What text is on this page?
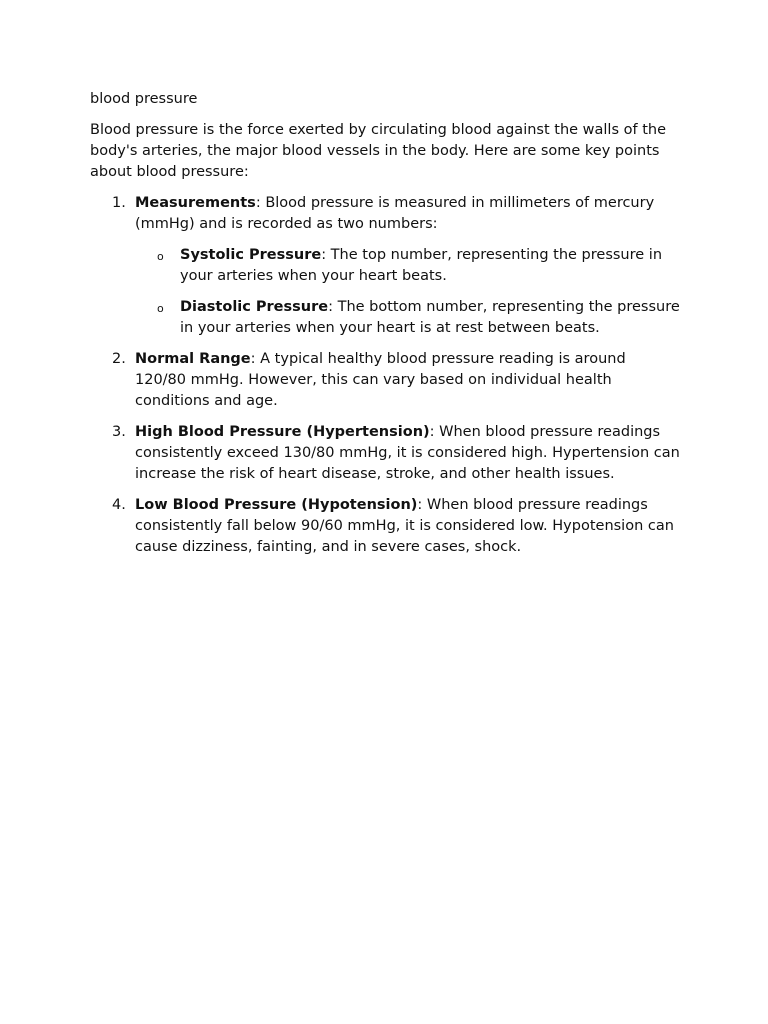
blood pressure

Blood pressure is the force exerted by circulating blood against the walls of the body's arteries, the major blood vessels in the body. Here are some key points about blood pressure:

1. Measurements: Blood pressure is measured in millimeters of mercury (mmHg) and is recorded as two numbers:
o Systolic Pressure: The top number, representing the pressure in your arteries when your heart beats.
o Diastolic Pressure: The bottom number, representing the pressure in your arteries when your heart is at rest between beats.
2. Normal Range: A typical healthy blood pressure reading is around 120/80 mmHg. However, this can vary based on individual health conditions and age.
3. High Blood Pressure (Hypertension): When blood pressure readings consistently exceed 130/80 mmHg, it is considered high. Hypertension can increase the risk of heart disease, stroke, and other health issues.
4. Low Blood Pressure (Hypotension): When blood pressure readings consistently fall below 90/60 mmHg, it is considered low. Hypotension can cause dizziness, fainting, and in severe cases, shock.
